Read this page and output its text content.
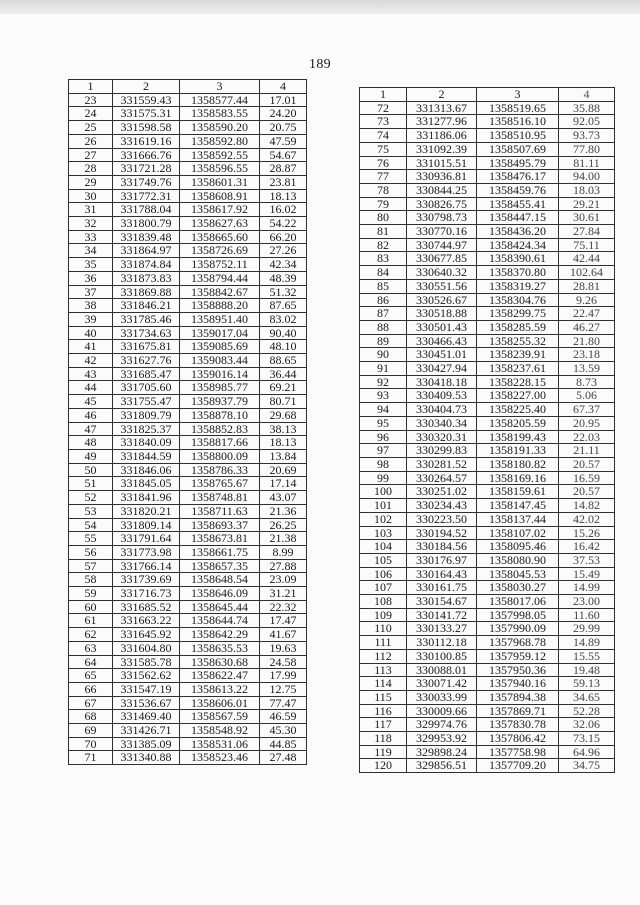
189
1	2	3	4
23	331559.43	1358577.44	17.01
24	331575.31	1358583.55	24.20
25	331598.58	1358590.20	20.75
26	331619.16	1358592.80	47.59
27	331666.76	1358592.55	54.67
28	331721.28	1358596.55	28.87
29	331749.76	1358601.31	23.81
30	331772.31	1358608.91	18.13
31	331788.04	1358617.92	16.02
32	331800.79	1358627.63	54.22
33	331839.48	1358665.60	66.20
34	331864.97	1358726.69	27.26
35	331874.84	1358752.11	42.34
36	331873.83	1358794.44	48.39
37	331869.88	1358842.67	51.32
38	331846.21	1358888.20	87.65
39	331785.46	1358951.40	83.02
40	331734.63	1359017.04	90.40
41	331675.81	1359085.69	48.10
42	331627.76	1359083.44	88.65
43	331685.47	1359016.14	36.44
44	331705.60	1358985.77	69.21
45	331755.47	1358937.79	80.71
46	331809.79	1358878.10	29.68
47	331825.37	1358852.83	38.13
48	331840.09	1358817.66	18.13
49	331844.59	1358800.09	13.84
50	331846.06	1358786.33	20.69
51	331845.05	1358765.67	17.14
52	331841.96	1358748.81	43.07
53	331820.21	1358711.63	21.36
54	331809.14	1358693.37	26.25
55	331791.64	1358673.81	21.38
56	331773.98	1358661.75	8.99
57	331766.14	1358657.35	27.88
58	331739.69	1358648.54	23.09
59	331716.73	1358646.09	31.21
60	331685.52	1358645.44	22.32
61	331663.22	1358644.74	17.47
62	331645.92	1358642.29	41.67
63	331604.80	1358635.53	19.63
64	331585.78	1358630.68	24.58
65	331562.62	1358622.47	17.99
66	331547.19	1358613.22	12.75
67	331536.67	1358606.01	77.47
68	331469.40	1358567.59	46.59
69	331426.71	1358548.92	45.30
70	331385.09	1358531.06	44.85
71	331340.88	1358523.46	27.48
1	2	3	4
72	331313.67	1358519.65	35.88
73	331277.96	1358516.10	92.05
74	331186.06	1358510.95	93.73
75	331092.39	1358507.69	77.80
76	331015.51	1358495.79	81.11
77	330936.81	1358476.17	94.00
78	330844.25	1358459.76	18.03
79	330826.75	1358455.41	29.21
80	330798.73	1358447.15	30.61
81	330770.16	1358436.20	27.84
82	330744.97	1358424.34	75.11
83	330677.85	1358390.61	42.44
84	330640.32	1358370.80	102.64
85	330551.56	1358319.27	28.81
86	330526.67	1358304.76	9.26
87	330518.88	1358299.75	22.47
88	330501.43	1358285.59	46.27
89	330466.43	1358255.32	21.80
90	330451.01	1358239.91	23.18
91	330427.94	1358237.61	13.59
92	330418.18	1358228.15	8.73
93	330409.53	1358227.00	5.06
94	330404.73	1358225.40	67.37
95	330340.34	1358205.59	20.95
96	330320.31	1358199.43	22.03
97	330299.83	1358191.33	21.11
98	330281.52	1358180.82	20.57
99	330264.57	1358169.16	16.59
100	330251.02	1358159.61	20.57
101	330234.43	1358147.45	14.82
102	330223.50	1358137.44	42.02
103	330194.52	1358107.02	15.26
104	330184.56	1358095.46	16.42
105	330176.97	1358080.90	37.53
106	330164.43	1358045.53	15.49
107	330161.75	1358030.27	14.99
108	330154.67	1358017.06	23.00
109	330141.72	1357998.05	11.60
110	330133.27	1357990.09	29.99
111	330112.18	1357968.78	14.89
112	330100.85	1357959.12	15.55
113	330088.01	1357950.36	19.48
114	330071.42	1357940.16	59.13
115	330033.99	1357894.38	34.65
116	330009.66	1357869.71	52.28
117	329974.76	1357830.78	32.06
118	329953.92	1357806.42	73.15
119	329898.24	1357758.98	64.96
120	329856.51	1357709.20	34.75
